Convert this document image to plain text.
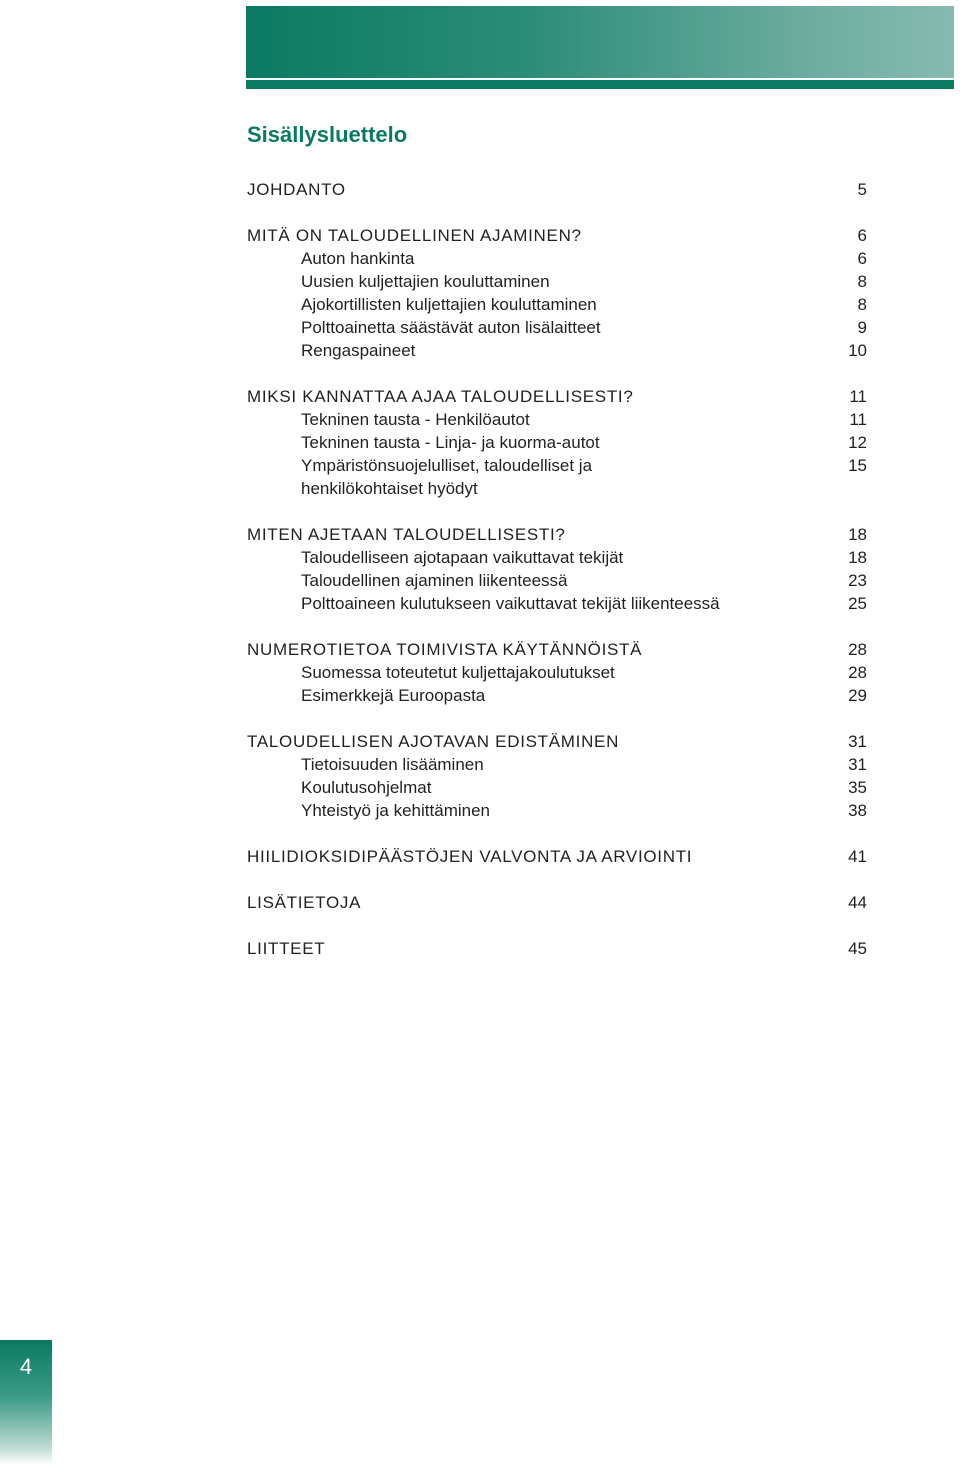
Sisällysluettelo
JOHDANTO	5
MITÄ ON TALOUDELLINEN AJAMINEN?	6
Auton hankinta	6
Uusien kuljettajien kouluttaminen	8
Ajokortillisten kuljettajien kouluttaminen	8
Polttoainetta säästävät auton lisälaitteet	9
Rengaspaineet	10
MIKSI KANNATTAA AJAA TALOUDELLISESTI?	11
Tekninen tausta - Henkilöautot	11
Tekninen tausta - Linja- ja kuorma-autot	12
Ympäristönsuojelulliset, taloudelliset ja	15
henkilökohtaiset hyödyt
MITEN AJETAAN TALOUDELLISESTI?	18
Taloudelliseen ajotapaan vaikuttavat tekijät	18
Taloudellinen ajaminen liikenteessä	23
Polttoaineen kulutukseen vaikuttavat tekijät liikenteessä	25
NUMEROTIETOA TOIMIVISTA KÄYTÄNNÖISTÄ	28
Suomessa toteutetut kuljettajakoulutukset	28
Esimerkkejä Euroopasta	29
TALOUDELLISEN AJOTAVAN EDISTÄMINEN	31
Tietoisuuden lisääminen	31
Koulutusohjelmat	35
Yhteistyö ja kehittäminen	38
HIILIDIOKSIDIPÄÄSTÖJEN VALVONTA JA ARVIOINTI	41
LISÄTIETOJA	44
LIITTEET	45
4
